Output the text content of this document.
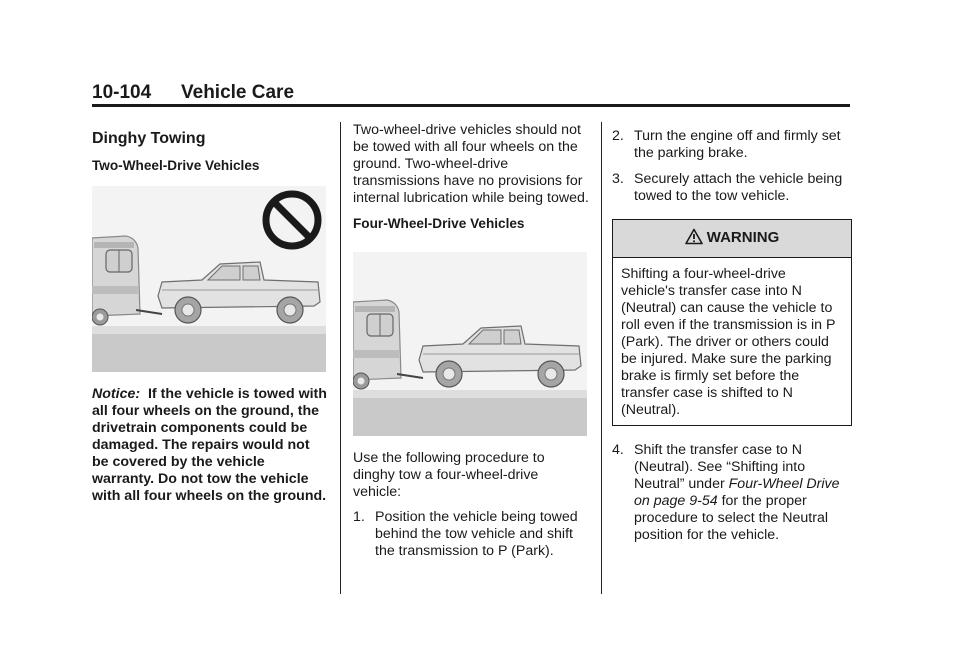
10-104 Vehicle Care
Dinghy Towing
Two-Wheel-Drive Vehicles

Notice: If the vehicle is towed with all four wheels on the ground, the drivetrain components could be damaged. The repairs would not be covered by the vehicle warranty. Do not tow the vehicle with all four wheels on the ground.

Two-wheel-drive vehicles should not be towed with all four wheels on the ground. Two-wheel-drive transmissions have no provisions for internal lubrication while being towed.

Four-Wheel-Drive Vehicles

Use the following procedure to dinghy tow a four-wheel-drive vehicle:

1. Position the vehicle being towed behind the tow vehicle and shift the transmission to P (Park).
2. Turn the engine off and firmly set the parking brake.
3. Securely attach the vehicle being towed to the tow vehicle.
WARNING
Shifting a four-wheel-drive vehicle's transfer case into N (Neutral) can cause the vehicle to roll even if the transmission is in P (Park). The driver or others could be injured. Make sure the parking brake is firmly set before the transfer case is shifted to N (Neutral).
4. Shift the transfer case to N (Neutral). See “Shifting into Neutral” under Four-Wheel Drive on page 9-54 for the proper procedure to select the Neutral position for the vehicle.
